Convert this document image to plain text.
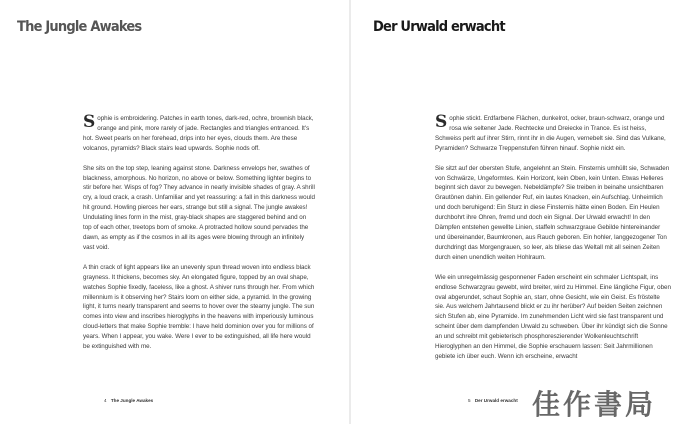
The Jungle Awakes

Sophie is embroidering. Patches in earth tones, dark-red, ochre, brownish black, orange and pink, more rarely of jade. Rectangles and triangles entranced. It's hot. Sweet pearls on her forehead, drips into her eyes, clouds them. Are these volcanos, pyramids? Black stairs lead upwards. Sophie nods off.

She sits on the top step, leaning against stone. Darkness envelops her, swathes of blackness, amorphous. No horizon, no above or below. Something lighter begins to stir before her. Wisps of fog? They advance in nearly invisible shades of gray. A shrill cry, a loud crack, a crash. Unfamiliar and yet reassuring: a fall in this darkness would hit ground. Howling pierces her ears, strange but still a signal. The jungle awakes! Undulating lines form in the mist, gray-black shapes are staggered behind and on top of each other, treetops born of smoke. A protracted hollow sound pervades the dawn, as empty as if the cosmos in all its ages were blowing through an infinitely vast void.

A thin crack of light appears like an unevenly spun thread woven into endless black grayness. It thickens, becomes sky. An elongated figure, topped by an oval shape, watches Sophie fixedly, faceless, like a ghost. A shiver runs through her. From which millennium is it observing her? Stairs loom on either side, a pyramid. In the growing light, it turns nearly transparent and seems to hover over the steamy jungle. The sun comes into view and inscribes hieroglyphs in the heavens with imperiously luminous cloud-letters that make Sophie tremble: I have held dominion over you for millions of years. When I appear, you wake. Were I ever to be extinguished, all life here would be extinguished with me.

4 The Jungle Awakes
Der Urwald erwacht

Sophie stickt. Erdfarbene Flächen, dunkelrot, ocker, braun-schwarz, orange und rosa wie seltener Jade. Rechtecke und Dreiecke in Trance. Es ist heiss, Schweiss perlt auf ihrer Stirn, rinnt ihr in die Augen, vernebelt sie. Sind das Vulkane, Pyramiden? Schwarze Treppenstufen führen hinauf. Sophie nickt ein.

Sie sitzt auf der obersten Stufe, angelehnt an Stein. Finsternis umhüllt sie, Schwaden von Schwärze, Ungeformtes. Kein Horizont, kein Oben, kein Unten. Etwas Helleres beginnt sich davor zu bewegen. Nebeldämpfe? Sie treiben in beinahe unsichtbaren Grautönen dahin. Ein gellender Ruf, ein lautes Knacken, ein Aufschlag. Unheimlich und doch beruhigend: Ein Sturz in diese Finsternis hätte einen Boden. Ein Heulen durchbohrt ihre Ohren, fremd und doch ein Signal. Der Urwald erwacht! In den Dämpfen entstehen gewellte Linien, staffeln schwarzgraue Gebilde hintereinander und übereinander, Baumkronen, aus Rauch geboren. Ein hohler, langgezogener Ton durchdringt das Morgengrauen, so leer, als bliese das Weltall mit all seinen Zeiten durch einen unendlich weiten Hohlraum.

Wie ein unregelmässig gesponnener Faden erscheint ein schmaler Lichtspalt, ins endlose Schwarzgrau gewebt, wird breiter, wird zu Himmel. Eine längliche Figur, oben oval abgerundet, schaut Sophie an, starr, ohne Gesicht, wie ein Geist. Es fröstelte sie. Aus welchem Jahrtausend blickt er zu ihr herüber? Auf beiden Seiten zeichnen sich Stufen ab, eine Pyramide. Im zunehmenden Licht wird sie fast transparent und scheint über dem dampfenden Urwald zu schweben. Über ihr kündigt sich die Sonne an und schreibt mit gebieterisch phosphoreszierender Wolkenleuchtschrift Hieroglyphen an den Himmel, die Sophie erschauern lassen: Seit Jahrmillionen gebiete ich über euch. Wenn ich erscheine, erwacht

5 Der Urwald erwacht 佳作書局
